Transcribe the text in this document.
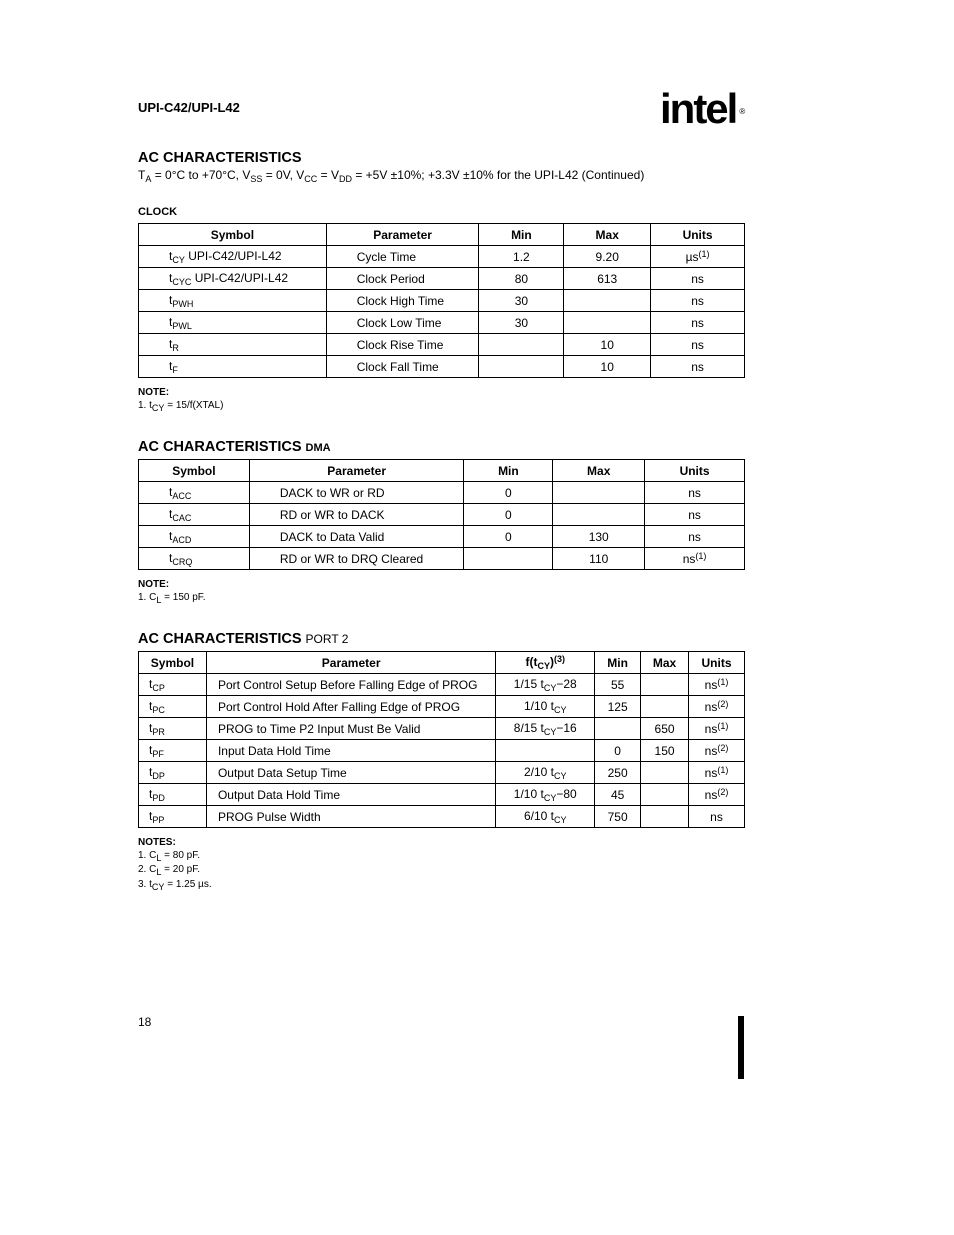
UPI-C42/UPI-L42	intel ®
AC CHARACTERISTICS
$T_A = 0^\circ C$ to +70°C, $V_{SS} = 0V$, $V_{CC} = V_{DD} = +5V \pm 10\%$; +3.3V ±10% for the UPI-L42 (Continued)
CLOCK
Symbol	Parameter	Min	Max	Units
$t_{CY}$ UPI-C42/UPI-L42	Cycle Time	1.2	9.20	µs$^{(1)}$
$t_{CYC}$ UPI-C42/UPI-L42	Clock Period	80	613	ns
$t_{PWH}$	Clock High Time	30		ns
$t_{PWL}$	Clock Low Time	30		ns
$t_R$	Clock Rise Time		10	ns
$t_F$	Clock Fall Time		10	ns
NOTE:
1. $t_{CY}$ = 15/f(XTAL)
AC CHARACTERISTICS DMA
Symbol	Parameter	Min	Max	Units
$t_{ACC}$	DACK to WR or RD	0		ns
$t_{CAC}$	RD or WR to DACK	0		ns
$t_{ACD}$	DACK to Data Valid	0	130	ns
$t_{CRQ}$	RD or WR to DRQ Cleared		110	$ns^{(1)}$
NOTE:
1. $C_L = 150$ pF.
AC CHARACTERISTICS PORT 2
Symbol	Parameter	$f(t_{CY})^{(3)}$	Min	Max	Units
$t_{CP}$	Port Control Setup Before Falling Edge of PROG	1/15 $t_{CY}-28$	55		$ns^{(1)}$
$t_{PC}$	Port Control Hold After Falling Edge of PROG	1/10 $t_{CY}$	125		$ns^{(2)}$
$t_{PR}$	PROG to Time P2 Input Must Be Valid	8/15 $t_{CY}-16$		650	$ns^{(1)}$
$t_{PF}$	Input Data Hold Time		0	150	$ns^{(2)}$
$t_{DP}$	Output Data Setup Time	2/10 $t_{CY}$	250		$ns^{(1)}$
$t_{PD}$	Output Data Hold Time	1/10 $t_{CY}-80$	45		$ns^{(2)}$
$t_{PP}$	PROG Pulse Width	6/10 $t_{CY}$	750		ns
NOTES:
1. $C_L = 80$ pF.
2. $C_L = 20$ pF.
3. $t_{CY} = 1.25$ µs.
18
